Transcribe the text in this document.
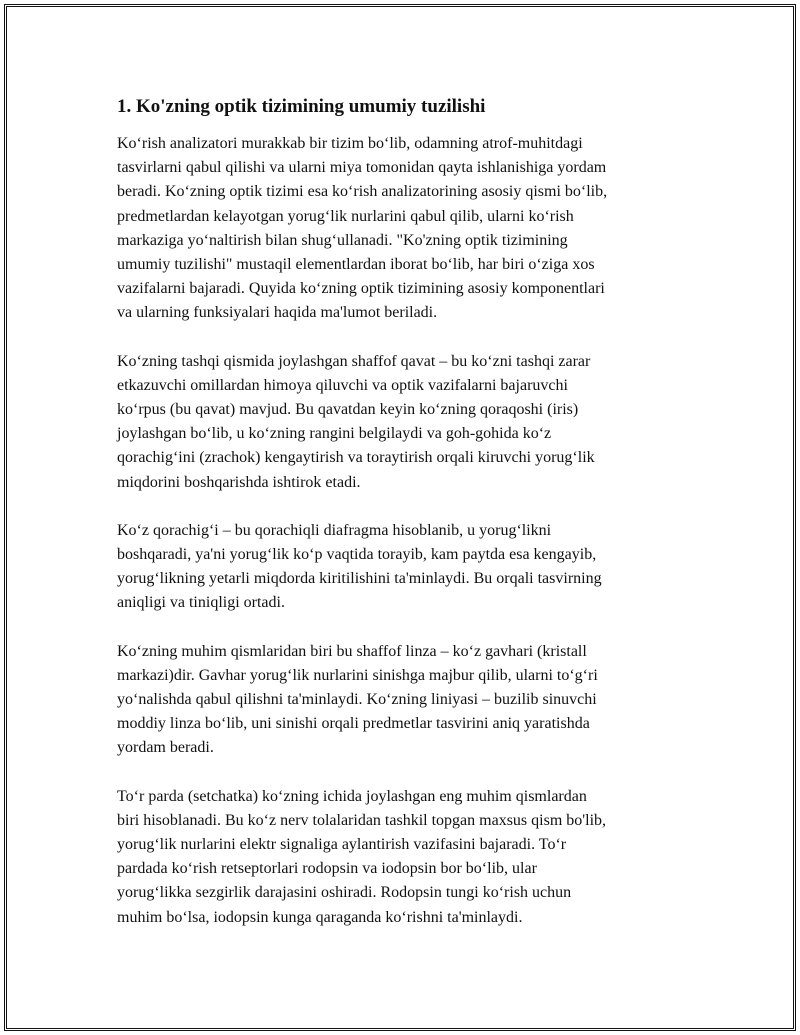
1. Ko'zning optik tizimining umumiy tuzilishi

Ko‘rish analizatori murakkab bir tizim bo‘lib, odamning atrof-muhitdagi
tasvirlarni qabul qilishi va ularni miya tomonidan qayta ishlanishiga yordam
beradi. Ko‘zning optik tizimi esa ko‘rish analizatorining asosiy qismi bo‘lib,
predmetlardan kelayotgan yorug‘lik nurlarini qabul qilib, ularni ko‘rish
markaziga yo‘naltirish bilan shug‘ullanadi. "Ko'zning optik tizimining
umumiy tuzilishi" mustaqil elementlardan iborat bo‘lib, har biri o‘ziga xos
vazifalarni bajaradi. Quyida ko‘zning optik tizimining asosiy komponentlari
va ularning funksiyalari haqida ma'lumot beriladi.

Ko‘zning tashqi qismida joylashgan shaffof qavat – bu ko‘zni tashqi zarar
etkazuvchi omillardan himoya qiluvchi va optik vazifalarni bajaruvchi
ko‘rpus (bu qavat) mavjud. Bu qavatdan keyin ko‘zning qoraqoshi (iris)
joylashgan bo‘lib, u ko‘zning rangini belgilaydi va goh-gohida ko‘z
qorachig‘ini (zrachok) kengaytirish va toraytirish orqali kiruvchi yorug‘lik
miqdorini boshqarishda ishtirok etadi.

Ko‘z qorachig‘i – bu qorachiqli diafragma hisoblanib, u yorug‘likni
boshqaradi, ya'ni yorug‘lik ko‘p vaqtida torayib, kam paytda esa kengayib,
yorug‘likning yetarli miqdorda kiritilishini ta'minlaydi. Bu orqali tasvirning
aniqligi va tiniqligi ortadi.

Ko‘zning muhim qismlaridan biri bu shaffof linza – ko‘z gavhari (kristall
markazi)dir. Gavhar yorug‘lik nurlarini sinishga majbur qilib, ularni to‘g‘ri
yo‘nalishda qabul qilishni ta'minlaydi. Ko‘zning liniyasi – buzilib sinuvchi
moddiy linza bo‘lib, uni sinishi orqali predmetlar tasvirini aniq yaratishda
yordam beradi.

To‘r parda (setchatka) ko‘zning ichida joylashgan eng muhim qismlardan
biri hisoblanadi. Bu ko‘z nerv tolalaridan tashkil topgan maxsus qism bo'lib,
yorug‘lik nurlarini elektr signaliga aylantirish vazifasini bajaradi. To‘r
pardada ko‘rish retseptorlari rodopsin va iodopsin bor bo‘lib, ular
yorug‘likka sezgirlik darajasini oshiradi. Rodopsin tungi ko‘rish uchun
muhim bo‘lsa, iodopsin kunga qaraganda ko‘rishni ta'minlaydi.
